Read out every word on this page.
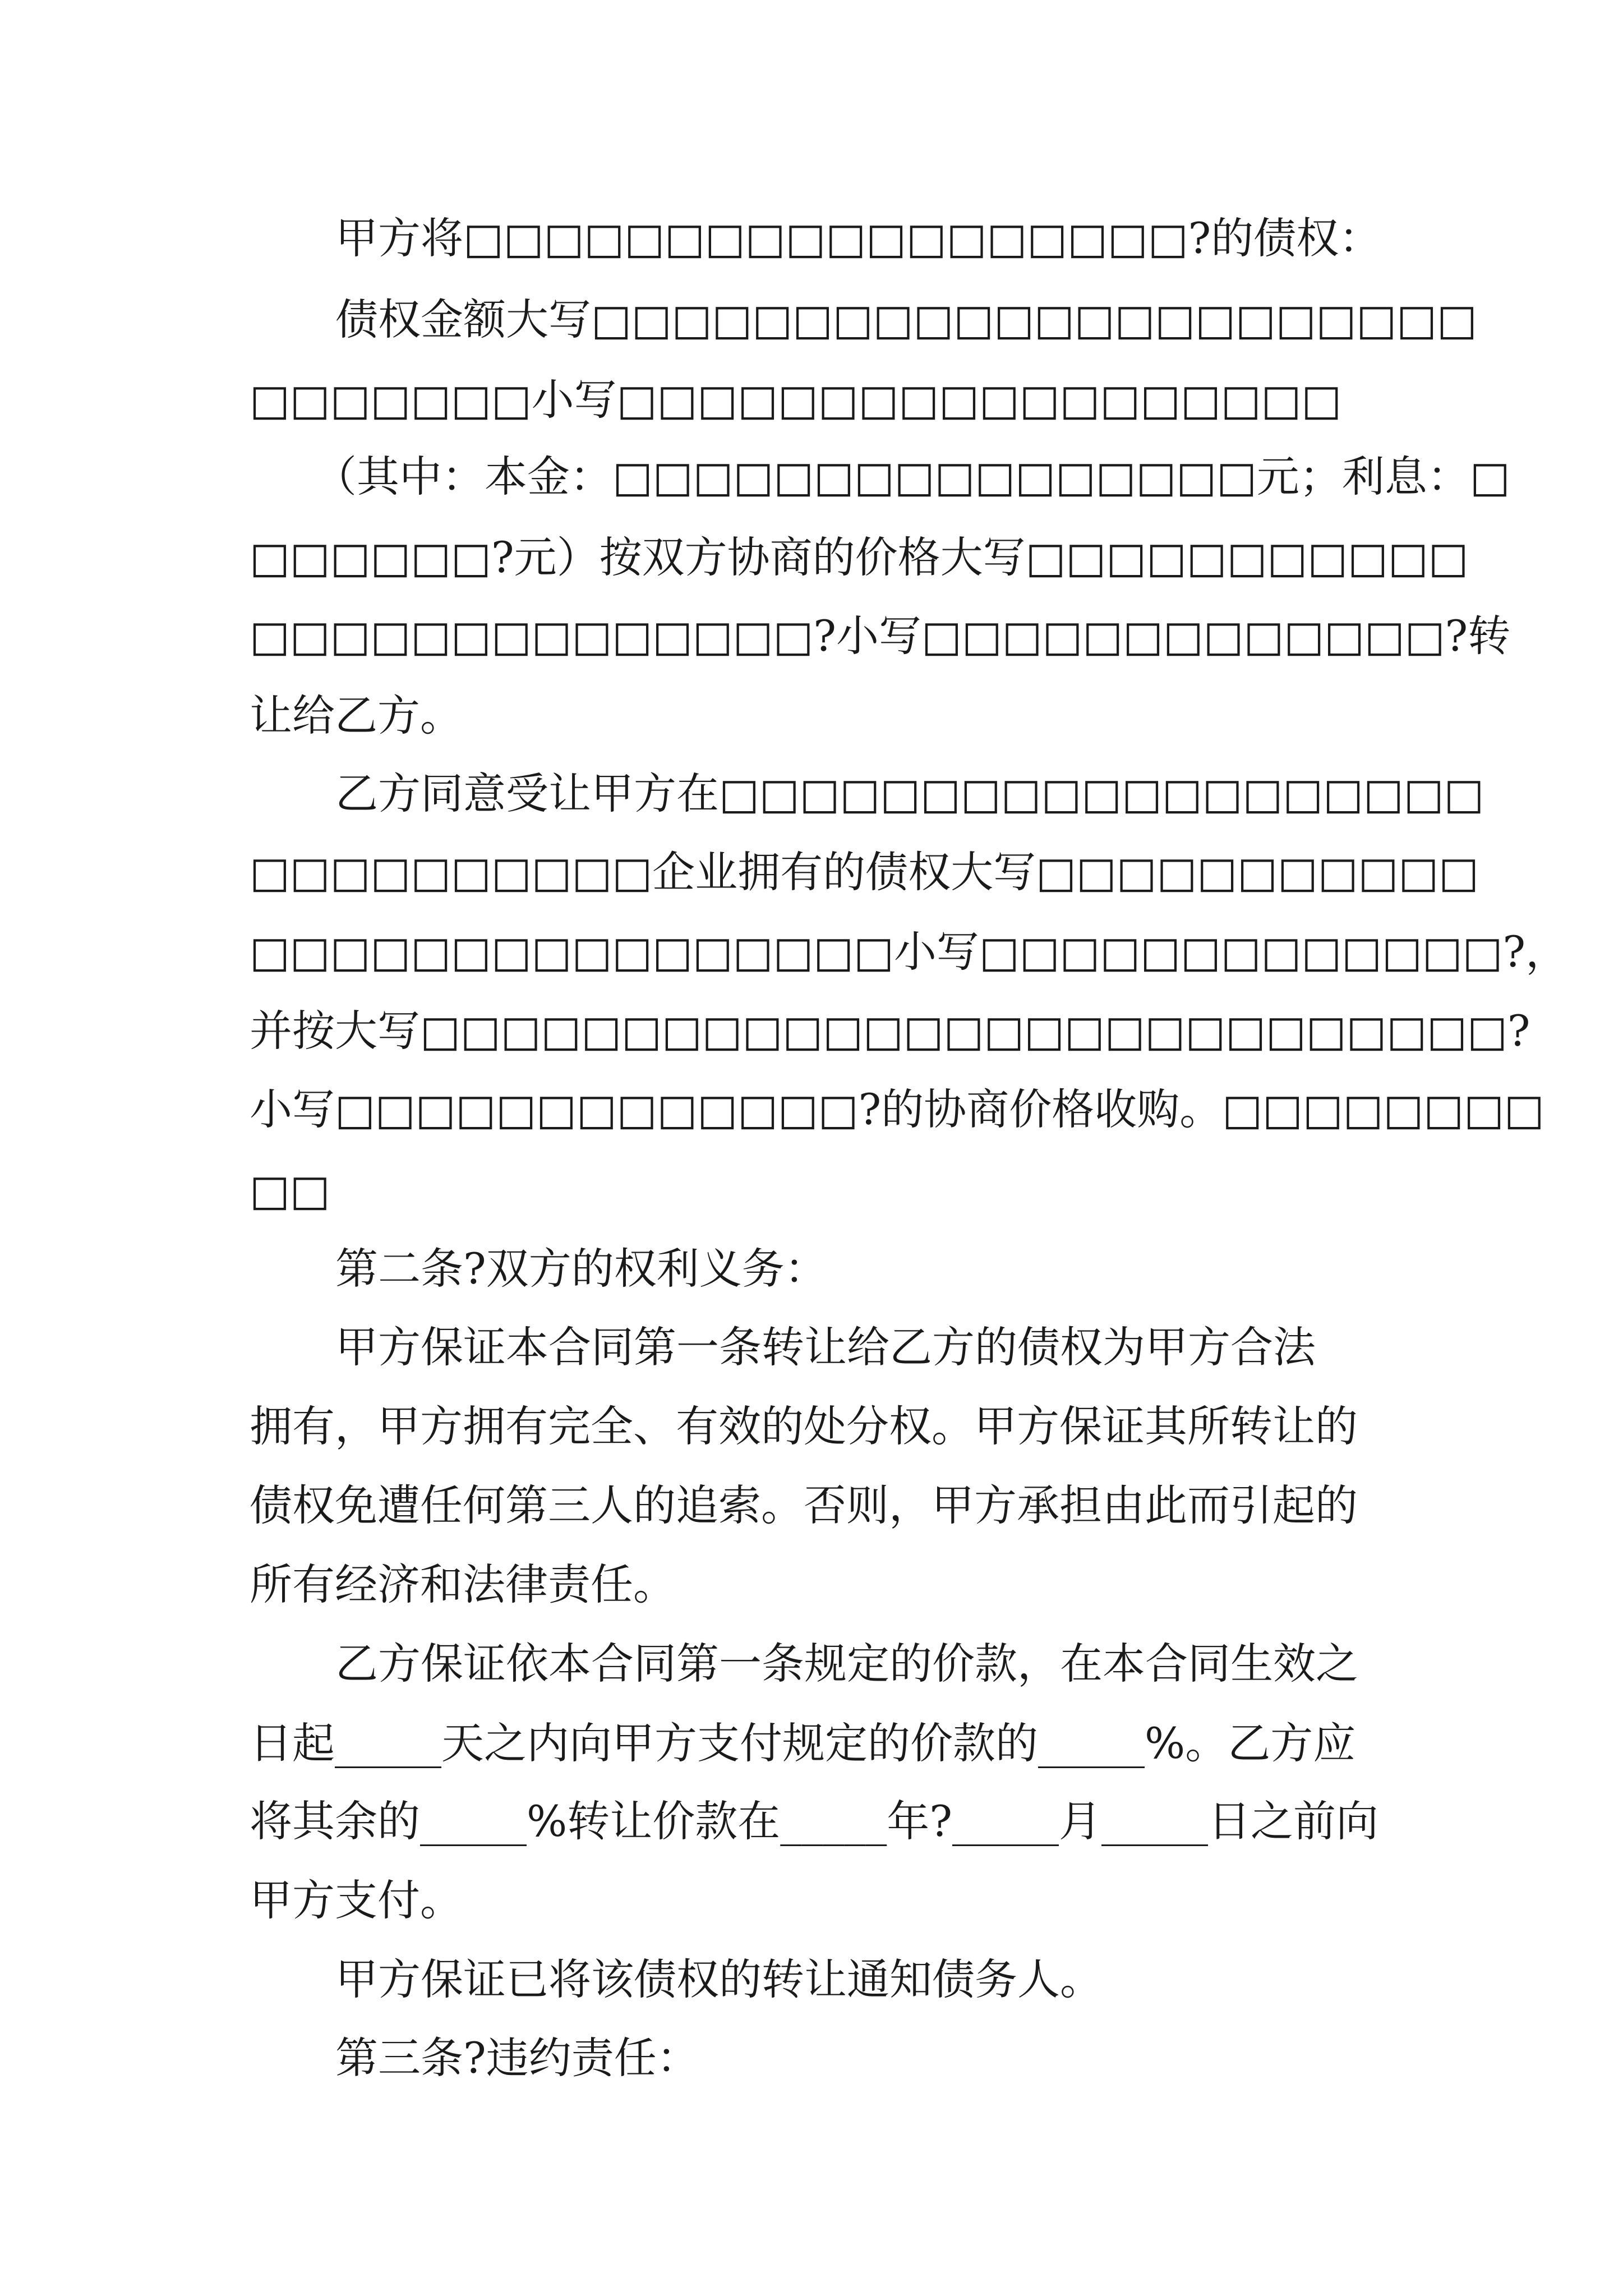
甲方将□□□□□□□□□□□□□□□□□□?的债权：
债权金额大写□□□□□□□□□□□□□□□□□□□□□□
□□□□□□□小写□□□□□□□□□□□□□□□□□□
（其中：本金：□□□□□□□□□□□□□□□□元；利息：□
□□□□□□?元）按双方协商的价格大写□□□□□□□□□□□
□□□□□□□□□□□□□□?小写□□□□□□□□□□□□□?转
让给乙方。
乙方同意受让甲方在□□□□□□□□□□□□□□□□□□□
□□□□□□□□□□企业拥有的债权大写□□□□□□□□□□□
□□□□□□□□□□□□□□□□小写□□□□□□□□□□□□□?，
并按大写□□□□□□□□□□□□□□□□□□□□□□□□□□□?
小写□□□□□□□□□□□□□?的协商价格收购。□□□□□□□□
□□
第二条?双方的权利义务：
甲方保证本合同第一条转让给乙方的债权为甲方合法
拥有，甲方拥有完全、有效的处分权。甲方保证其所转让的
债权免遭任何第三人的追索。否则，甲方承担由此而引起的
所有经济和法律责任。
乙方保证依本合同第一条规定的价款，在本合同生效之
日起_____天之内向甲方支付规定的价款的_____%。乙方应
将其余的_____%转让价款在_____年?_____月_____日之前向
甲方支付。
甲方保证已将该债权的转让通知债务人。
第三条?违约责任：
